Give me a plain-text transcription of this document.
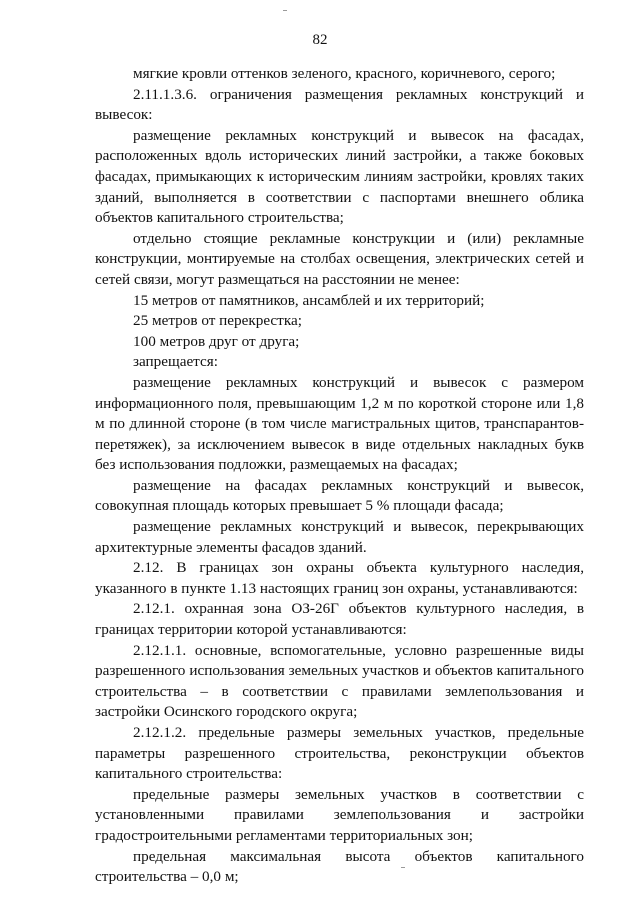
82

мягкие кровли оттенков зеленого, красного, коричневого, серого;

2.11.1.3.6. ограничения размещения рекламных конструкций и вывесок:

размещение рекламных конструкций и вывесок на фасадах, расположенных вдоль исторических линий застройки, а также боковых фасадах, примыкающих к историческим линиям застройки, кровлях таких зданий, выполняется в соответствии с паспортами внешнего облика объектов капитального строительства;

отдельно стоящие рекламные конструкции и (или) рекламные конструкции, монтируемые на столбах освещения, электрических сетей и сетей связи, могут размещаться на расстоянии не менее:

15 метров от памятников, ансамблей и их территорий;

25 метров от перекрестка;

100 метров друг от друга;

запрещается:

размещение рекламных конструкций и вывесок с размером информационного поля, превышающим 1,2 м по короткой стороне или 1,8 м по длинной стороне (в том числе магистральных щитов, транспарантов-перетяжек), за исключением вывесок в виде отдельных накладных букв без использования подложки, размещаемых на фасадах;

размещение на фасадах рекламных конструкций и вывесок, совокупная площадь которых превышает 5 % площади фасада;

размещение рекламных конструкций и вывесок, перекрывающих архитектурные элементы фасадов зданий.

2.12. В границах зон охраны объекта культурного наследия, указанного в пункте 1.13 настоящих границ зон охраны, устанавливаются:

2.12.1. охранная зона ОЗ-26Г объектов культурного наследия, в границах территории которой устанавливаются:

2.12.1.1. основные, вспомогательные, условно разрешенные виды разрешенного использования земельных участков и объектов капитального строительства – в соответствии с правилами землепользования и застройки Осинского городского округа;

2.12.1.2. предельные размеры земельных участков, предельные параметры разрешенного строительства, реконструкции объектов капитального строительства:

предельные размеры земельных участков в соответствии с установленными правилами землепользования и застройки градостроительными регламентами территориальных зон;

предельная максимальная высота объектов капитального строительства – 0,0 м;
